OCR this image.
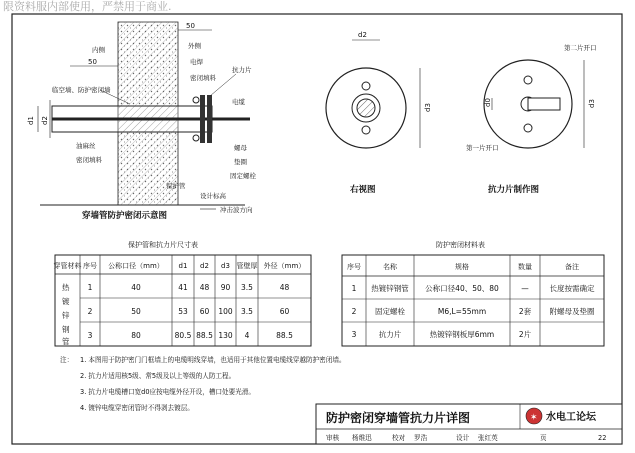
限资料服内部使用，严禁用于商业.
50
50
内侧	外侧
d1 d2
临空墙、防护密闭墙
电焊
密闭填料
抗力片
电缆
油麻丝
密闭填料
螺母
垫圈
固定螺栓
保护管
设计标高
冲击波方向
穿墙管防护密闭示意图
d2
d3
右视图
d0	d3
第二片开口
第一片开口
抗力片制作图
保护管和抗力片尺寸表
穿管材料 序号 公称口径（mm） d1 d2 d3 管壁厚 外径（mm）
1	40	41 48 90 3.5	48
2	50	53 60 100 3.5	60
3	80	80.5 88.5 130 4	88.5
热
镀
锌
钢
管
防护密闭材料表
序号	名称	规格	数量	备注
1 热镀锌钢管 公称口径40、50、80	—	长度按需确定
2 固定螺栓	M6,L=55mm	2套 附螺母及垫圈
3	抗力片	热镀锌钢板厚6mm	2片
注： 1. 本图用于防护密门门框墙上的电缆明线穿墙，也适用于其他位置电缆线穿越防护密闭墙。
2. 抗力片适用核5级、常5级及以上等级的人防工程。
3. 抗力片电缆槽口宽d0应按电缆外径开设，槽口处要光滑。
4. 镀锌电缆穿密闭管时不得剥去镀层。
防护密闭穿墙管抗力片详图
审核 杨维迅	校对 罗浩	设计 张红英	页	22
✶ 水电工论坛
